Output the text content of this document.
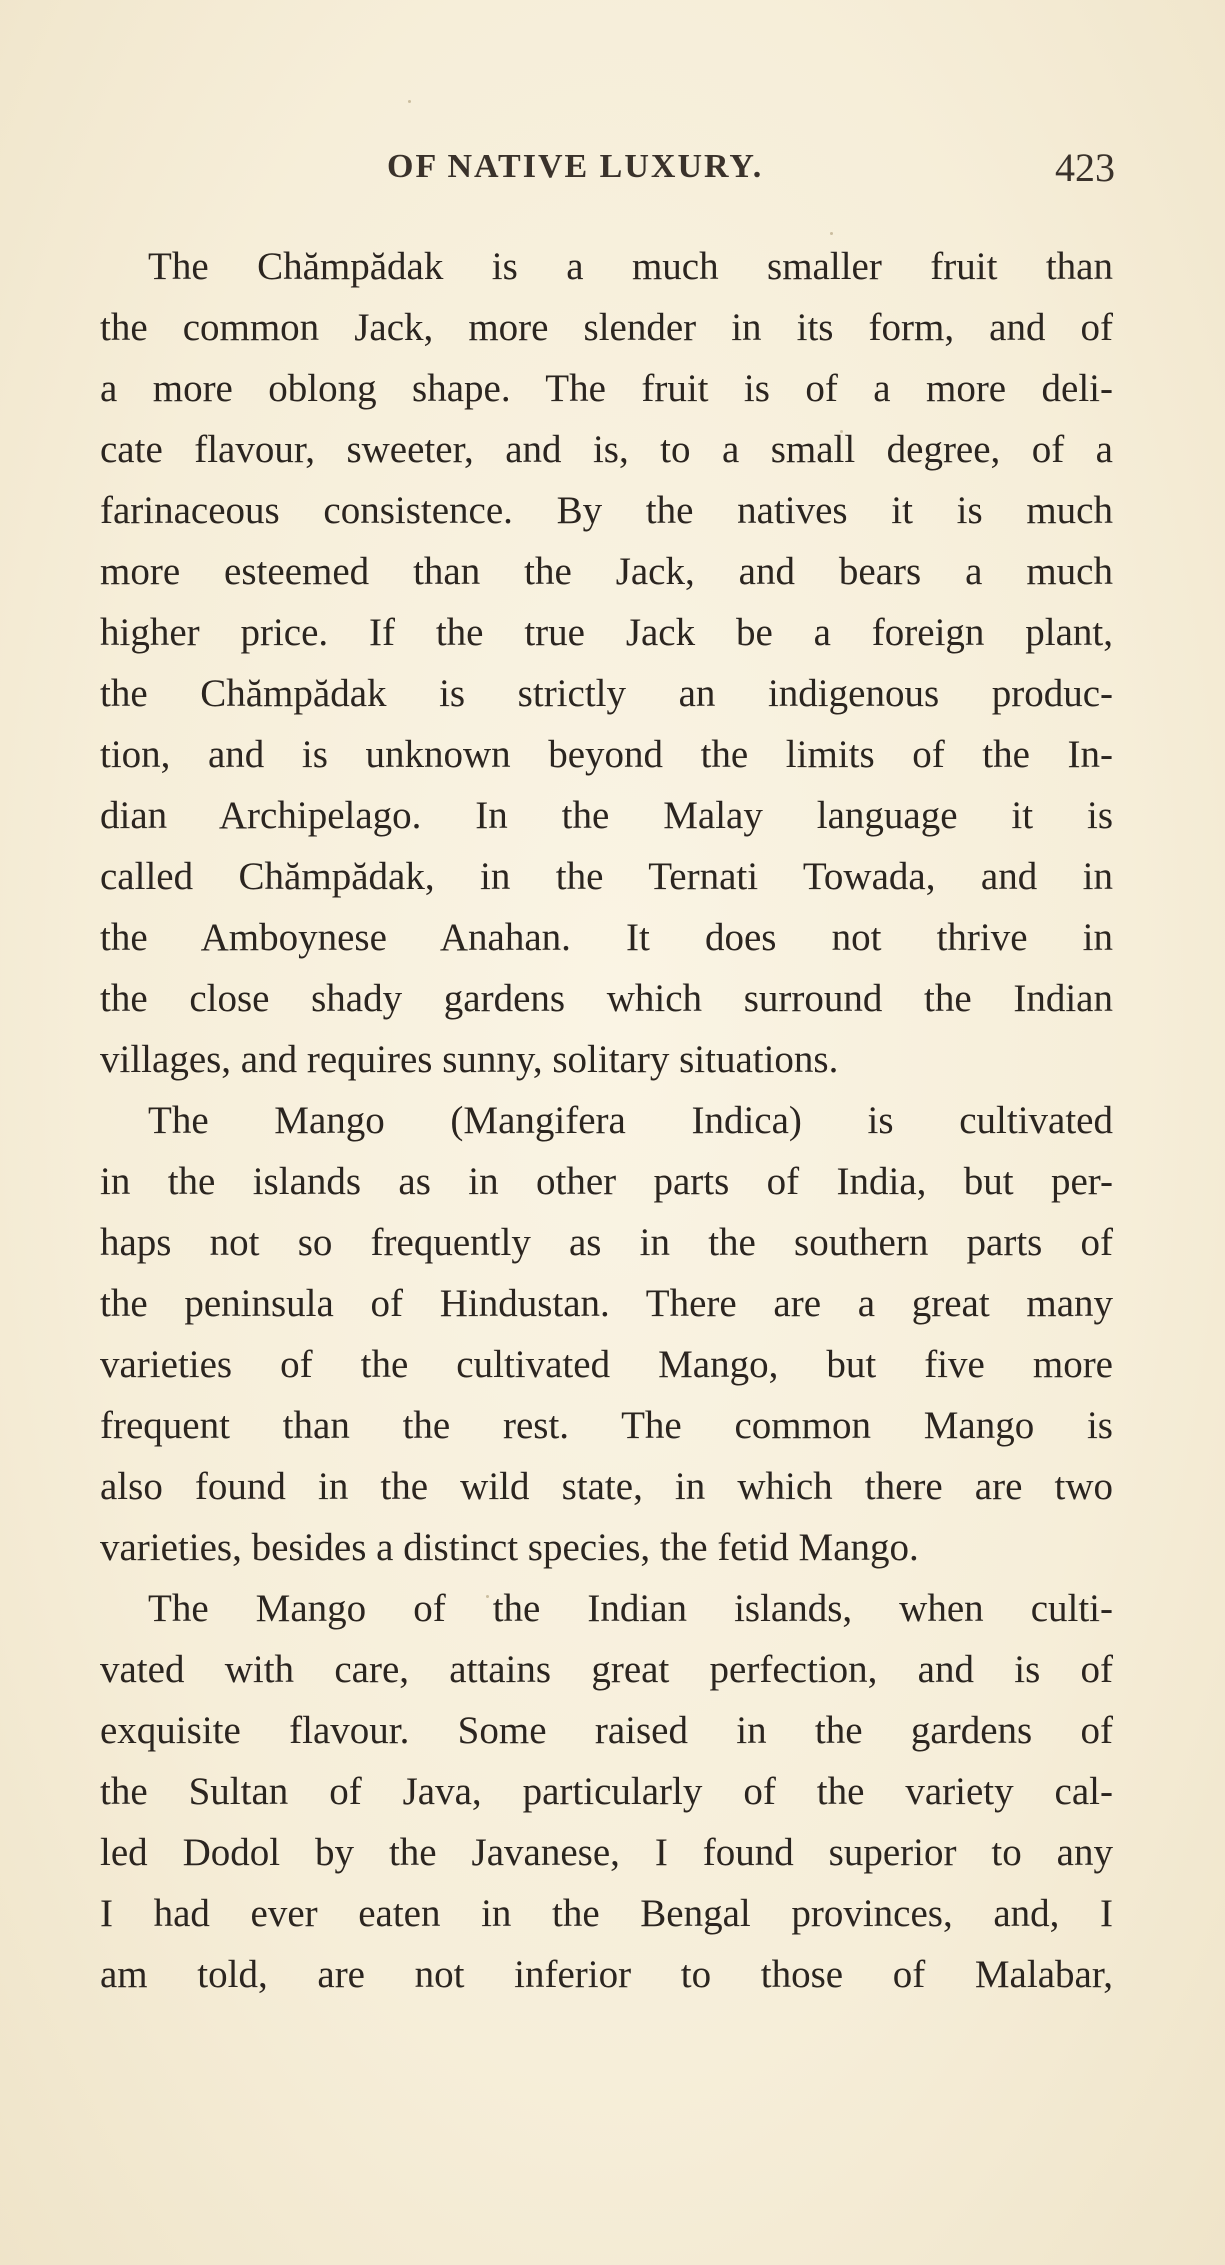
OF NATIVE LUXURY.	423
The Chămpădak is a much smaller fruit than
the common Jack, more slender in its form, and of
a more oblong shape. The fruit is of a more deli-
cate flavour, sweeter, and is, to a small degree, of a
farinaceous consistence. By the natives it is much
more esteemed than the Jack, and bears a much
higher price. If the true Jack be a foreign plant,
the Chămpădak is strictly an indigenous produc-
tion, and is unknown beyond the limits of the In-
dian Archipelago. In the Malay language it is
called Chămpădak, in the Ternati Towada, and in
the Amboynese Anahan. It does not thrive in
the close shady gardens which surround the Indian
villages, and requires sunny, solitary situations.
The Mango (Mangifera Indica) is cultivated
in the islands as in other parts of India, but per-
haps not so frequently as in the southern parts of
the peninsula of Hindustan. There are a great many
varieties of the cultivated Mango, but five more
frequent than the rest. The common Mango is
also found in the wild state, in which there are two
varieties, besides a distinct species, the fetid Mango.
The Mango of the Indian islands, when culti-
vated with care, attains great perfection, and is of
exquisite flavour. Some raised in the gardens of
the Sultan of Java, particularly of the variety cal-
led Dodol by the Javanese, I found superior to any
I had ever eaten in the Bengal provinces, and, I
am told, are not inferior to those of Malabar,
